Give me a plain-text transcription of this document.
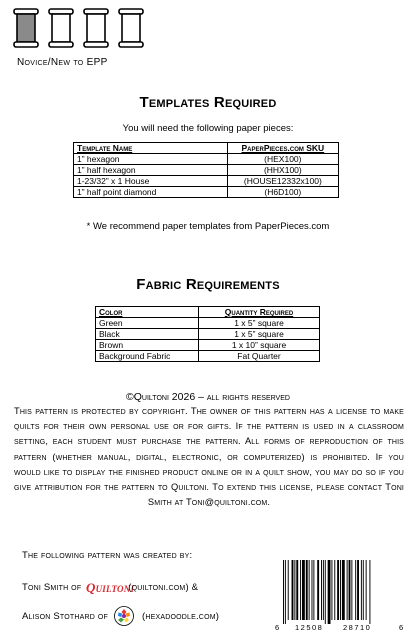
Novice/New to EPP
Templates Required
You will need the following paper pieces:
Template Name	PaperPieces.com SKU
1” hexagon	(HEX100)
1” half hexagon	(HHX100)
1-23/32” x 1 House	(HOUSE12332x100)
1” half point diamond	(H6D100)
* We recommend paper templates from PaperPieces.com
Fabric Requirements
Color	Quantity Required
Green	1 x 5” square
Black	1 x 5” square
Brown	1 x 10” square
Background Fabric	Fat Quarter
©Quiltoni 2026 – all rights reserved
This pattern is protected by copyright. The owner of this pattern has a license to make quilts for their own personal use or for gifts. If the pattern is used in a classroom setting, each student must purchase the pattern. All forms of reproduction of this pattern (whether manual, digital, electronic, or computerized) is prohibited. If you would like to display the finished product online or in a quilt show, you may do so if you give attribution for the pattern to Quiltoni. To extend this license, please contact Toni Smith at Toni@quiltoni.com.
The following pattern was created by:
Toni Smith of Quiltoni
(quiltoni.com) &
Alison Stothard of	(hexadoodle.com)
6 12508	28710	6
